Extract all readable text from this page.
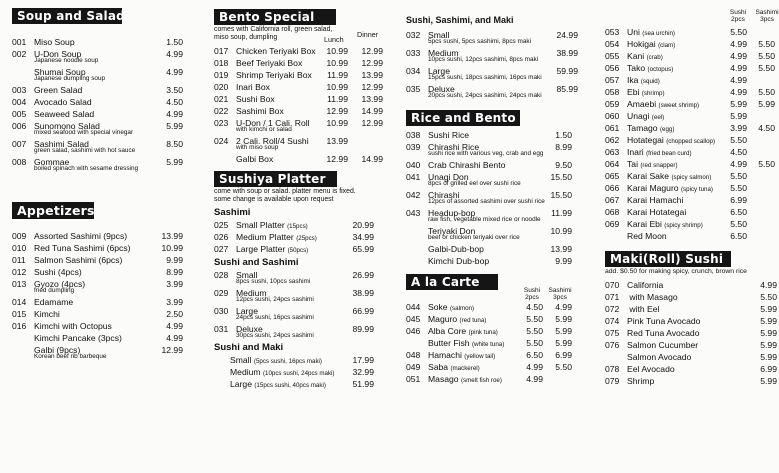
Soup and Salad
001 Miso Soup	1.50
002 U-Don Soup	4.99
Japanese noodle soup
Shumai Soup	4.99
Japanese dumpling soup
003 Green Salad	3.50
004 Avocado Salad	4.50
005 Seaweed Salad	4.99
006 Sunomono Salad	5.99
mixed seafood with special vinegar
007 Sashimi Salad	8.50
green salad, sashimi with hot sauce
008 Gommae	5.99
boiled spinach with sesame dressing
Appetizers
009 Assorted Sashimi (9pcs)	13.99
010 Red Tuna Sashimi (6pcs)	10.99
011 Salmon Sashimi (6pcs)	9.99
012 Sushi (4pcs)	8.99
013 Gyozo (4pcs)	3.99
fried dumpling
014 Edamame	3.99
015 Kimchi	2.50
016 Kimchi with Octopus	4.99
Kimchi Pancake (3pcs)	4.99
Galbi (9pcs)	12.99
Korean beef rib barbeque
Bento Special
comes with California roll, green salad,
miso soup, dumpling	Lunch
Dinner
017 Chicken Teriyaki Box 10.99 12.99
018 Beef Teriyaki Box	10.99 12.99
019 Shrimp Teriyaki Box 11.99 13.99
020 Inari Box	10.99 12.99
021 Sushi Box	11.99 13.99
022 Sashimi Box	12.99 14.99
023 U-Don / 1 Cali. Roll 10.99 12.99
with kimchi or salad
024 2 Cali. Roll/4 Sushi 13.99
with miso soup
Galbi Box	12.99 14.99
Sushiya Platter
come with soup or salad. platter menu is fixed.
some change is available upon request
Sashimi
025 Small Platter (15pcs)	20.99
026 Medium Platter (25pcs)	34.99
027 Large Platter (50pcs)	65.99
Sushi and Sashimi
028 Small	26.99
8pcs sushi, 10pcs sashimi
029 Medium	38.99
12pcs sushi, 24pcs sashimi
030 Large	66.99
24pcs sushi, 16pcs sashimi
031 Deluxe	89.99
30pcs sushi, 24pcs sashimi
Sushi and Maki
Small (5pcs sushi, 16pcs maki)	17.99
Medium (10pcs sushi, 24pcs maki) 32.99
Large (15pcs sushi, 40pcs maki)	51.99
Sushi, Sashimi, and Maki
032 Small	24.99
5pcs sushi, 5pcs sashimi, 8pcs maki
033 Medium	38.99
10pcs sushi, 12pcs sashimi, 8pcs maki
034 Large	59.99
15pcs sushi, 18pcs sashimi, 16pcs maki
035 Deluxe	85.99
20pcs sushi, 24pcs sashimi, 24pcs maki
Rice and Bento
038 Sushi Rice	1.50
039 Chirashi Rice	8.99
sushi rice with various veg, crab and egg
040 Crab Chirashi Bento	9.50
041 Unagi Don	15.50
8pcs of grilled eel over sushi rice
042 Chirashi	15.50
12pcs of assorted sashimi over sushi rice
043 Headup-bop	11.99
raw fish, vegetable mixed rice or noodle
Teriyaki Don	10.99
beef or chicken teriyaki over rice
Galbi-Dub-bop	13.99
Kimchi Dub-bop	9.99
A la Carte
Sushi 2pcs
Sashimi 3pcs
044 Soke (salmon)	4.50 4.99
045 Maguro (red tuna)	5.50 5.99
046 Alba Core (pink tuna)	5.50 5.99
Butter Fish (white tuna)	5.50 5.99
048 Hamachi (yellow tail)	6.50 6.99
049 Saba (mackerel)	4.99 5.50
051 Masago (smelt fish roe)	4.99
Sushi 2pcs
Sashimi 3pcs
053 Uni (sea urchin)	5.50
054 Hokigai (clam)	4.99 5.50
055 Kani (crab)	4.99 5.50
056 Tako (octopus)	4.99 5.50
057 Ika (squid)	4.99
058 Ebi (shrimp)	4.99 5.50
059 Amaebi (sweet shrimp)	5.99 5.99
060 Unagi (eel)	5.99
061 Tamago (egg)	3.99 4.50
062 Hotategai (chopped scallop) 5.50
063 Inari (fried bean curd)	4.50
064 Tai (red snapper)	4.99 5.50
065 Karai Sake (spicy salmon) 5.50
066 Karai Maguro (spicy tuna) 5.50
067 Karai Hamachi	6.99
068 Karai Hotategai	6.50
069 Karai Ebi (spicy shrimp)	5.50
Red Moon	6.50
Maki(Roll) Sushi
add. $0.50 for making spicy, crunch, brown rice
070 California	4.99
071 with Masago	5.50
072 with Eel	5.99
074 Pink Tuna Avocado	5.99
075 Red Tuna Avocado	5.99
076 Salmon Cucumber	5.99
Salmon Avocado	5.99
078 Eel Avocado	6.99
079 Shrimp	5.99
